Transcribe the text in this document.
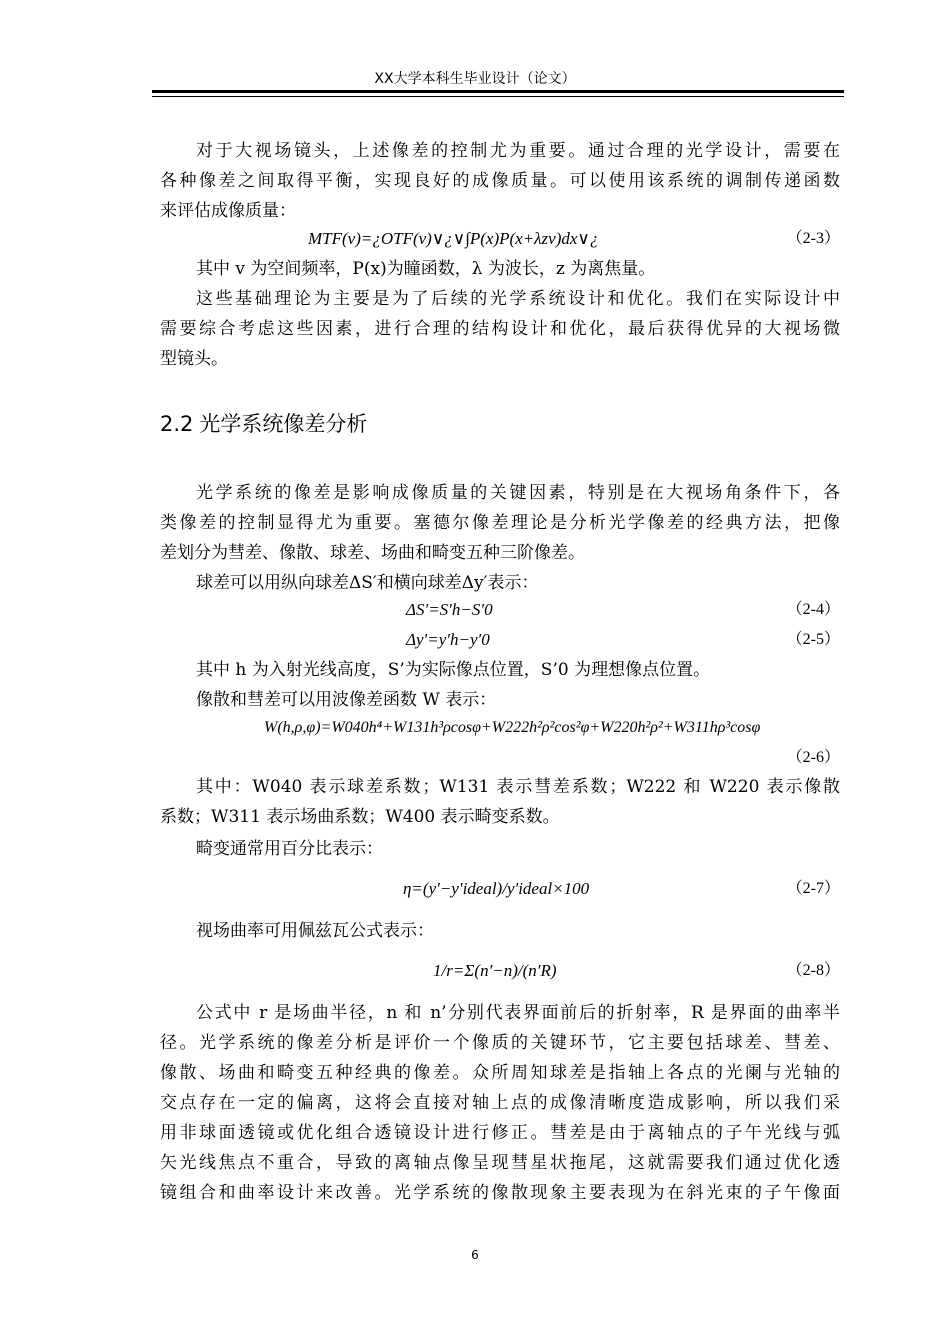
XX大学本科生毕业设计（论文）
对于大视场镜头，上述像差的控制尤为重要。通过合理的光学设计，需要在
各种像差之间取得平衡，实现良好的成像质量。可以使用该系统的调制传递函数
来评估成像质量：
MTF(v)=¿OTF(v)∨¿∨∫P(x)P(x+λzv)dx∨¿	（2-3）
其中 v 为空间频率，P(x)为瞳函数，λ 为波长，z 为离焦量。
这些基础理论为主要是为了后续的光学系统设计和优化。我们在实际设计中
需要综合考虑这些因素，进行合理的结构设计和优化，最后获得优异的大视场微
型镜头。
2.2 光学系统像差分析
光学系统的像差是影响成像质量的关键因素，特别是在大视场角条件下，各
类像差的控制显得尤为重要。塞德尔像差理论是分析光学像差的经典方法，把像
差划分为彗差、像散、球差、场曲和畸变五种三阶像差。
球差可以用纵向球差ΔS′和横向球差Δy′表示：
ΔS′=S′h−S′0	（2-4）
Δy′=y′h−y′0	（2-5）
其中 h 为入射光线高度，S’为实际像点位置，S’0 为理想像点位置。
像散和彗差可以用波像差函数 W 表示：
W(h,ρ,φ)=W040h⁴+W131h³ρcosφ+W222h²ρ²cos²φ+W220h²ρ²+W311hρ³cosφ
（2-6）
其中：W040 表示球差系数；W131 表示彗差系数；W222 和 W220 表示像散
系数；W311 表示场曲系数；W400 表示畸变系数。
畸变通常用百分比表示：
η=(y′−y′ideal)/y′ideal×100	（2-7）
视场曲率可用佩兹瓦公式表示：
1/r=Σ(n′−n)/(n′R)	（2-8）
公式中 r 是场曲半径，n 和 n’分别代表界面前后的折射率，R 是界面的曲率半
径。光学系统的像差分析是评价一个像质的关键环节，它主要包括球差、彗差、
像散、场曲和畸变五种经典的像差。众所周知球差是指轴上各点的光阑与光轴的
交点存在一定的偏离，这将会直接对轴上点的成像清晰度造成影响，所以我们采
用非球面透镜或优化组合透镜设计进行修正。彗差是由于离轴点的子午光线与弧
矢光线焦点不重合，导致的离轴点像呈现彗星状拖尾，这就需要我们通过优化透
镜组合和曲率设计来改善。光学系统的像散现象主要表现为在斜光束的子午像面
6
